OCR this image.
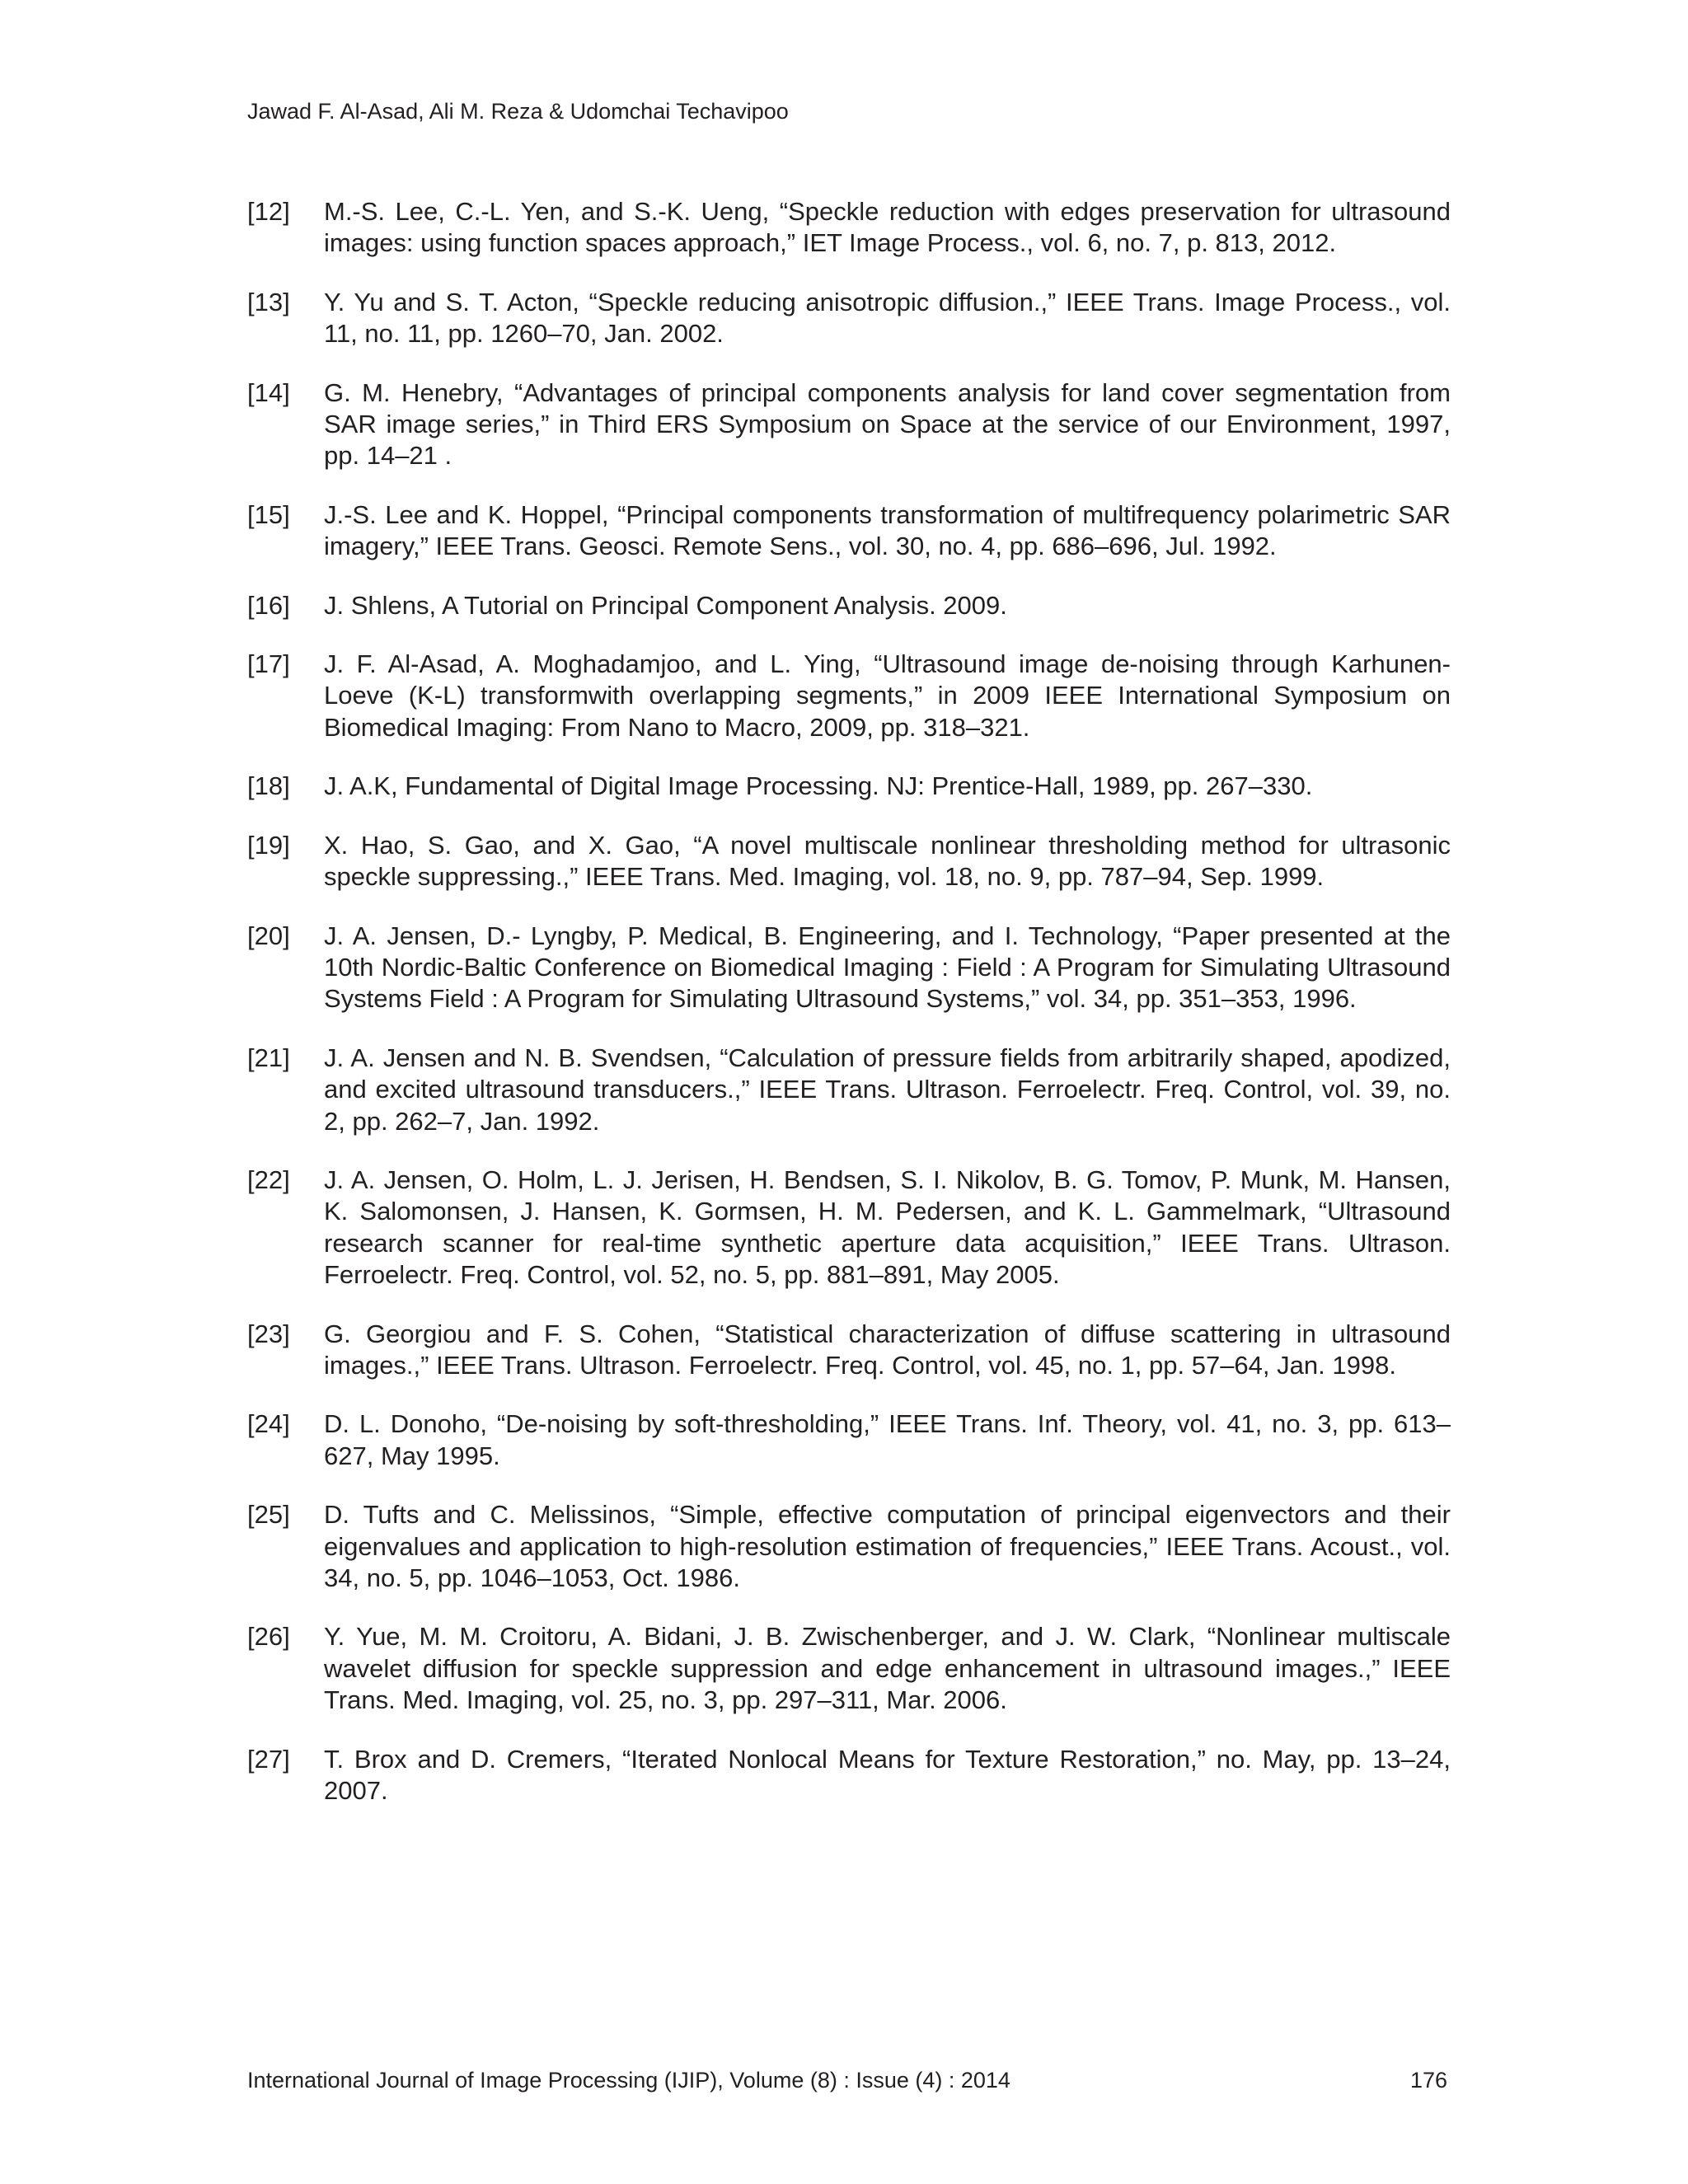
Jawad F. Al-Asad, Ali M. Reza & Udomchai Techavipoo
[12]	M.-S. Lee, C.-L. Yen, and S.-K. Ueng, “Speckle reduction with edges preservation for ultrasound images: using function spaces approach,” IET Image Process., vol. 6, no. 7, p. 813, 2012.
[13]	Y. Yu and S. T. Acton, “Speckle reducing anisotropic diffusion.,” IEEE Trans. Image Process., vol. 11, no. 11, pp. 1260–70, Jan. 2002.
[14]	G. M. Henebry, “Advantages of principal components analysis for land cover segmentation from SAR image series,” in Third ERS Symposium on Space at the service of our Environment, 1997, pp. 14–21 .
[15]	J.-S. Lee and K. Hoppel, “Principal components transformation of multifrequency polarimetric SAR imagery,” IEEE Trans. Geosci. Remote Sens., vol. 30, no. 4, pp. 686–696, Jul. 1992.
[16]	J. Shlens, A Tutorial on Principal Component Analysis. 2009.
[17]	J. F. Al-Asad, A. Moghadamjoo, and L. Ying, “Ultrasound image de-noising through Karhunen-Loeve (K-L) transformwith overlapping segments,” in 2009 IEEE International Symposium on Biomedical Imaging: From Nano to Macro, 2009, pp. 318–321.
[18]	J. A.K, Fundamental of Digital Image Processing. NJ: Prentice-Hall, 1989, pp. 267–330.
[19]	X. Hao, S. Gao, and X. Gao, “A novel multiscale nonlinear thresholding method for ultrasonic speckle suppressing.,” IEEE Trans. Med. Imaging, vol. 18, no. 9, pp. 787–94, Sep. 1999.
[20]	J. A. Jensen, D.- Lyngby, P. Medical, B. Engineering, and I. Technology, “Paper presented at the 10th Nordic-Baltic Conference on Biomedical Imaging : Field : A Program for Simulating Ultrasound Systems Field : A Program for Simulating Ultrasound Systems,” vol. 34, pp. 351–353, 1996.
[21]	J. A. Jensen and N. B. Svendsen, “Calculation of pressure fields from arbitrarily shaped, apodized, and excited ultrasound transducers.,” IEEE Trans. Ultrason. Ferroelectr. Freq. Control, vol. 39, no. 2, pp. 262–7, Jan. 1992.
[22]	J. A. Jensen, O. Holm, L. J. Jerisen, H. Bendsen, S. I. Nikolov, B. G. Tomov, P. Munk, M. Hansen, K. Salomonsen, J. Hansen, K. Gormsen, H. M. Pedersen, and K. L. Gammelmark, “Ultrasound research scanner for real-time synthetic aperture data acquisition,” IEEE Trans. Ultrason. Ferroelectr. Freq. Control, vol. 52, no. 5, pp. 881–891, May 2005.
[23]	G. Georgiou and F. S. Cohen, “Statistical characterization of diffuse scattering in ultrasound images.,” IEEE Trans. Ultrason. Ferroelectr. Freq. Control, vol. 45, no. 1, pp. 57–64, Jan. 1998.
[24]	D. L. Donoho, “De-noising by soft-thresholding,” IEEE Trans. Inf. Theory, vol. 41, no. 3, pp. 613–627, May 1995.
[25]	D. Tufts and C. Melissinos, “Simple, effective computation of principal eigenvectors and their eigenvalues and application to high-resolution estimation of frequencies,” IEEE Trans. Acoust., vol. 34, no. 5, pp. 1046–1053, Oct. 1986.
[26]	Y. Yue, M. M. Croitoru, A. Bidani, J. B. Zwischenberger, and J. W. Clark, “Nonlinear multiscale wavelet diffusion for speckle suppression and edge enhancement in ultrasound images.,” IEEE Trans. Med. Imaging, vol. 25, no. 3, pp. 297–311, Mar. 2006.
[27]	T. Brox and D. Cremers, “Iterated Nonlocal Means for Texture Restoration,” no. May, pp. 13–24, 2007.
International Journal of Image Processing (IJIP), Volume (8) : Issue (4) : 2014	176
